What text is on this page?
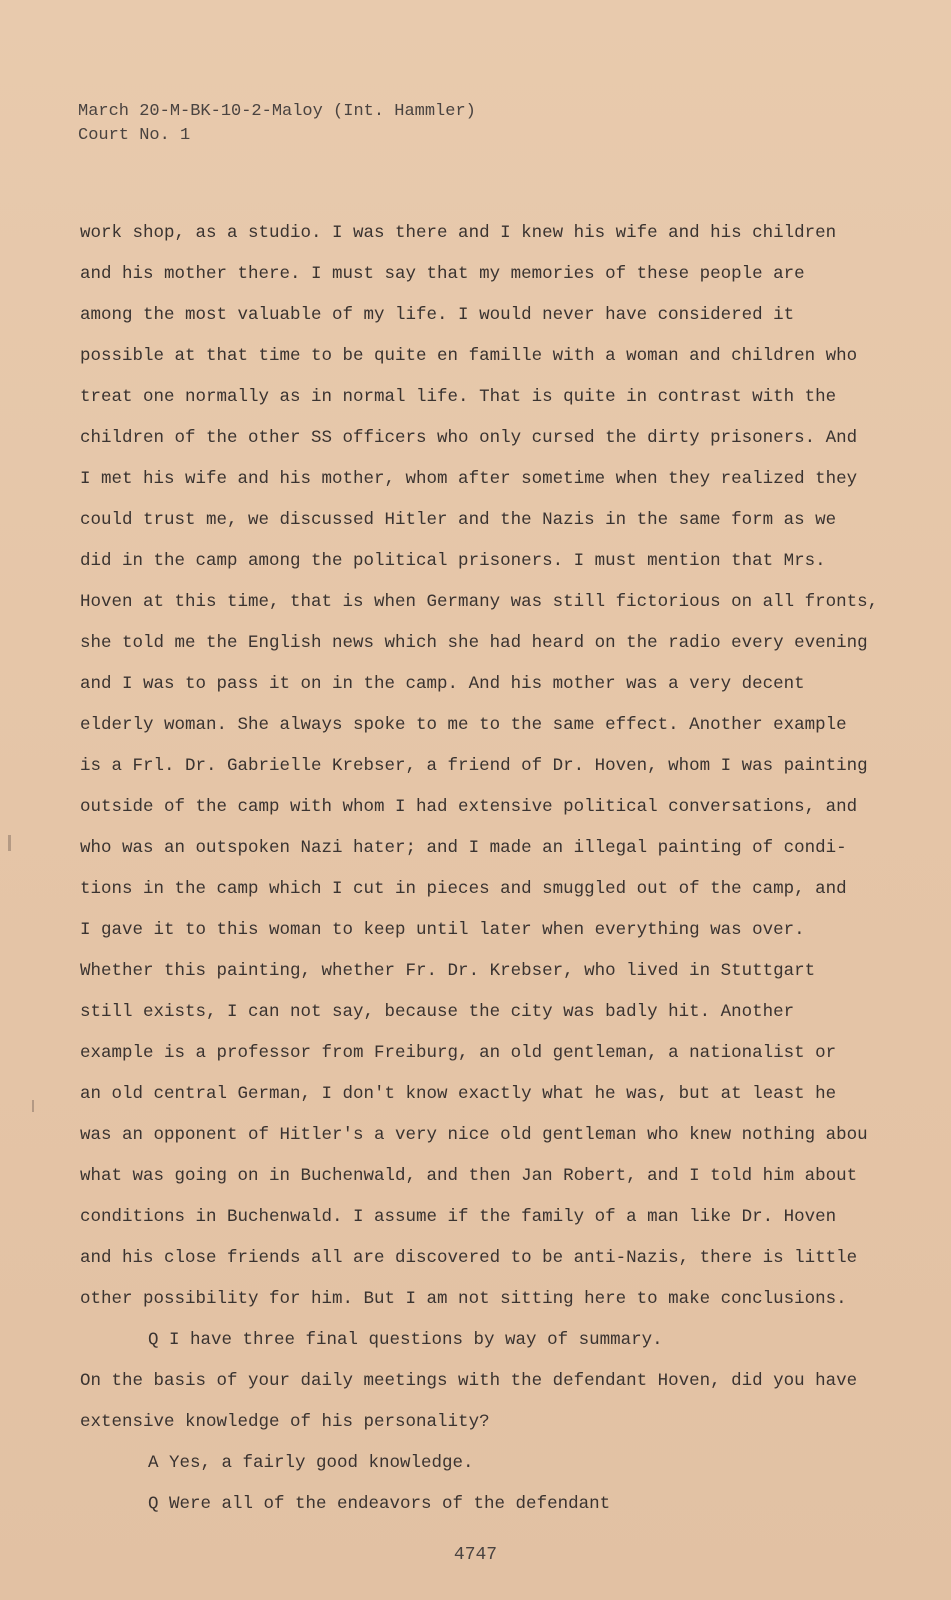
March 20-M-BK-10-2-Maloy (Int. Hammler)
Court No. 1
work shop, as a studio. I was there and I knew his wife and his children
and his mother there. I must say that my memories of these people are
among the most valuable of my life. I would never have considered it
possible at that time to be quite en famille with a woman and children who
treat one normally as in normal life. That is quite in contrast with the
children of the other SS officers who only cursed the dirty prisoners. And
I met his wife and his mother, whom after sometime when they realized they
could trust me, we discussed Hitler and the Nazis in the same form as we
did in the camp among the political prisoners. I must mention that Mrs.
Hoven at this time, that is when Germany was still fictorious on all fronts,
she told me the English news which she had heard on the radio every evening
and I was to pass it on in the camp. And his mother was a very decent
elderly woman. She always spoke to me to the same effect. Another example
is a Frl. Dr. Gabrielle Krebser, a friend of Dr. Hoven, whom I was painting
outside of the camp with whom I had extensive political conversations, and
who was an outspoken Nazi hater; and I made an illegal painting of condi-
tions in the camp which I cut in pieces and smuggled out of the camp, and
I gave it to this woman to keep until later when everything was over.
Whether this painting, whether Fr. Dr. Krebser, who lived in Stuttgart
still exists, I can not say, because the city was badly hit. Another
example is a professor from Freiburg, an old gentleman, a nationalist or
an old central German, I don't know exactly what he was, but at least he
was an opponent of Hitler's a very nice old gentleman who knew nothing abou
what was going on in Buchenwald, and then Jan Robert, and I told him about
conditions in Buchenwald. I assume if the family of a man like Dr. Hoven
and his close friends all are discovered to be anti-Nazis, there is little
other possibility for him. But I am not sitting here to make conclusions.
Q I have three final questions by way of summary.
On the basis of your daily meetings with the defendant Hoven, did you have
extensive knowledge of his personality?
A Yes, a fairly good knowledge.
Q Were all of the endeavors of the defendant
4747
